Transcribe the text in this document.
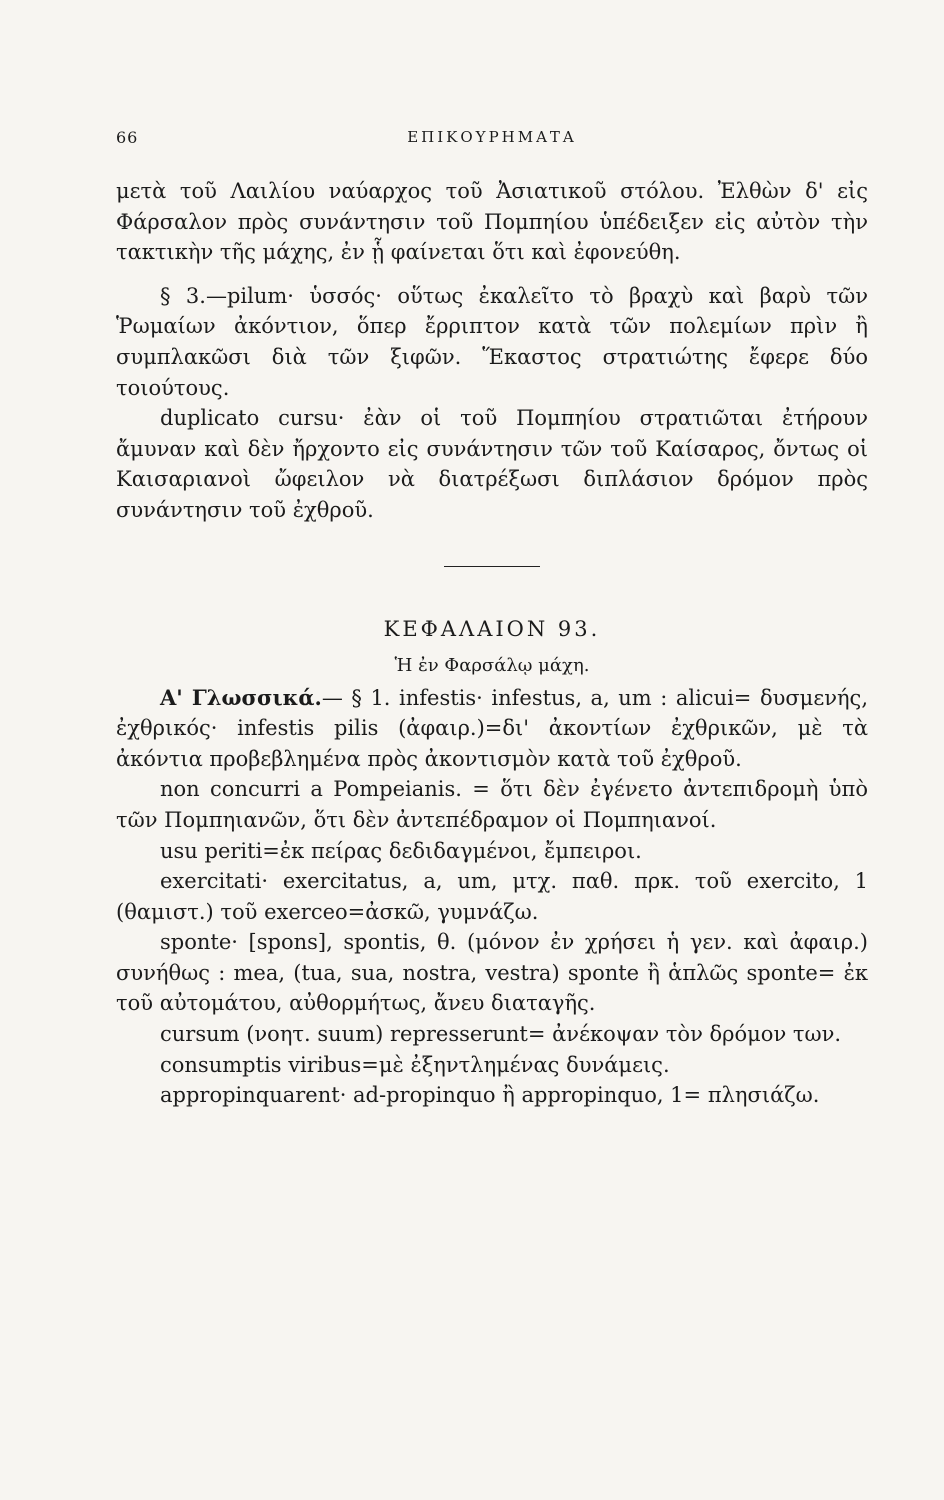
66	ΕΠΙΚΟΥΡΗΜΑΤΑ

μετὰ τοῦ Λαιλίου ναύαρχος τοῦ Ἀσιατικοῦ στόλου. Ἐλθὼν δ' εἰς Φάρσαλον πρὸς συνάντησιν τοῦ Πομπηίου ὑπέδειξεν εἰς αὐτὸν τὴν τακτικὴν τῆς μάχης, ἐν ᾗ φαίνεται ὅτι καὶ ἐφονεύθη.

§ 3.—pilum· ὑσσός· οὕτως ἐκαλεῖτο τὸ βραχὺ καὶ βαρὺ τῶν Ῥωμαίων ἀκόντιον, ὅπερ ἔρριπτον κατὰ τῶν πολεμίων πρὶν ἢ συμπλακῶσι διὰ τῶν ξιφῶν. Ἕκαστος στρατιώτης ἔφερε δύο τοιούτους.

duplicato cursu· ἐὰν οἱ τοῦ Πομπηίου στρατιῶται ἐτήρουν ἄμυναν καὶ δὲν ἤρχοντο εἰς συνάντησιν τῶν τοῦ Καίσαρος, ὄντως οἱ Καισαριανοὶ ὤφειλον νὰ διατρέξωσι διπλάσιον δρόμον πρὸς συνάντησιν τοῦ ἐχθροῦ.

ΚΕΦΑΛΑΙΟΝ 93.
Ἡ ἐν Φαρσάλῳ μάχη.

Α' Γλωσσικά.— § 1. infestis· infestus, a, um : alicui= δυσμενής, ἐχθρικός· infestis pilis (ἀφαιρ.)=δι' ἀκοντίων ἐχθρικῶν, μὲ τὰ ἀκόντια προβεβλημένα πρὸς ἀκοντισμὸν κατὰ τοῦ ἐχθροῦ.

non concurri a Pompeianis. = ὅτι δὲν ἐγένετο ἀντεπιδρομὴ ὑπὸ τῶν Πομπηιανῶν, ὅτι δὲν ἀντεπέδραμον οἱ Πομπηιανοί.

usu periti=ἐκ πείρας δεδιδαγμένοι, ἔμπειροι.

exercitati· exercitatus, a, um, μτχ. παθ. πρκ. τοῦ exercito, 1 (θαμιστ.) τοῦ exerceo=ἀσκῶ, γυμνάζω.

sponte· [spons], spontis, θ. (μόνον ἐν χρήσει ἡ γεν. καὶ ἀφαιρ.) συνήθως : mea, (tua, sua, nostra, vestra) sponte ἢ ἁπλῶς sponte= ἐκ τοῦ αὐτομάτου, αὐθορμήτως, ἄνευ διαταγῆς.

cursum (νοητ. suum) represserunt= ἀνέκοψαν τὸν δρόμον των.

consumptis viribus=μὲ ἐξηντλημένας δυνάμεις.

appropinquarent· ad-propinquo ἢ appropinquo, 1= πλησιάζω.
